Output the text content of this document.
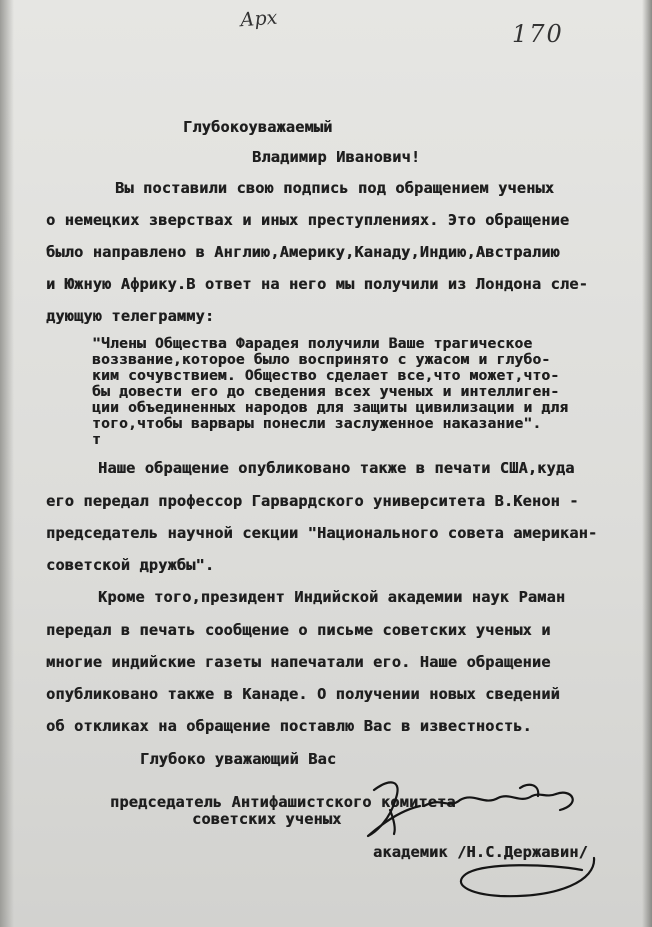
Арх
170
Глубокоуважаемый
Владимир Иванович!
Вы поставили свою подпись под обращением ученых
о немецких зверствах и иных преступлениях. Это обращение
было направлено в Англию,Америку,Канаду,Индию,Австралию
и Южную Африку.В ответ на него мы получили из Лондона сле-
дующую телеграмму:
"Члены Общества Фарадея получили Ваше трагическое
воззвание,которое было воспринято с ужасом и глубо-
ким сочувствием. Общество сделает все,что может,что-
бы довести его до сведения всех ученых и интеллиген-
ции объединенных народов для защиты цивилизации и для
того,чтобы варвары понесли заслуженное наказание".
т
Наше обращение опубликовано также в печати США,куда
его передал профессор Гарвардского университета В.Кенон -
председатель научной секции "Национального совета американ-
советской дружбы".
Кроме того,президент Индийской академии наук Раман
передал в печать сообщение о письме советских ученых и
многие индийские газеты напечатали его. Наше обращение
опубликовано также в Канаде. О получении новых сведений
об откликах на обращение поставлю Вас в известность.
Глубоко уважающий Вас
председатель Антифашистского комитета
советских ученых
академик /Н.С.Державин/
